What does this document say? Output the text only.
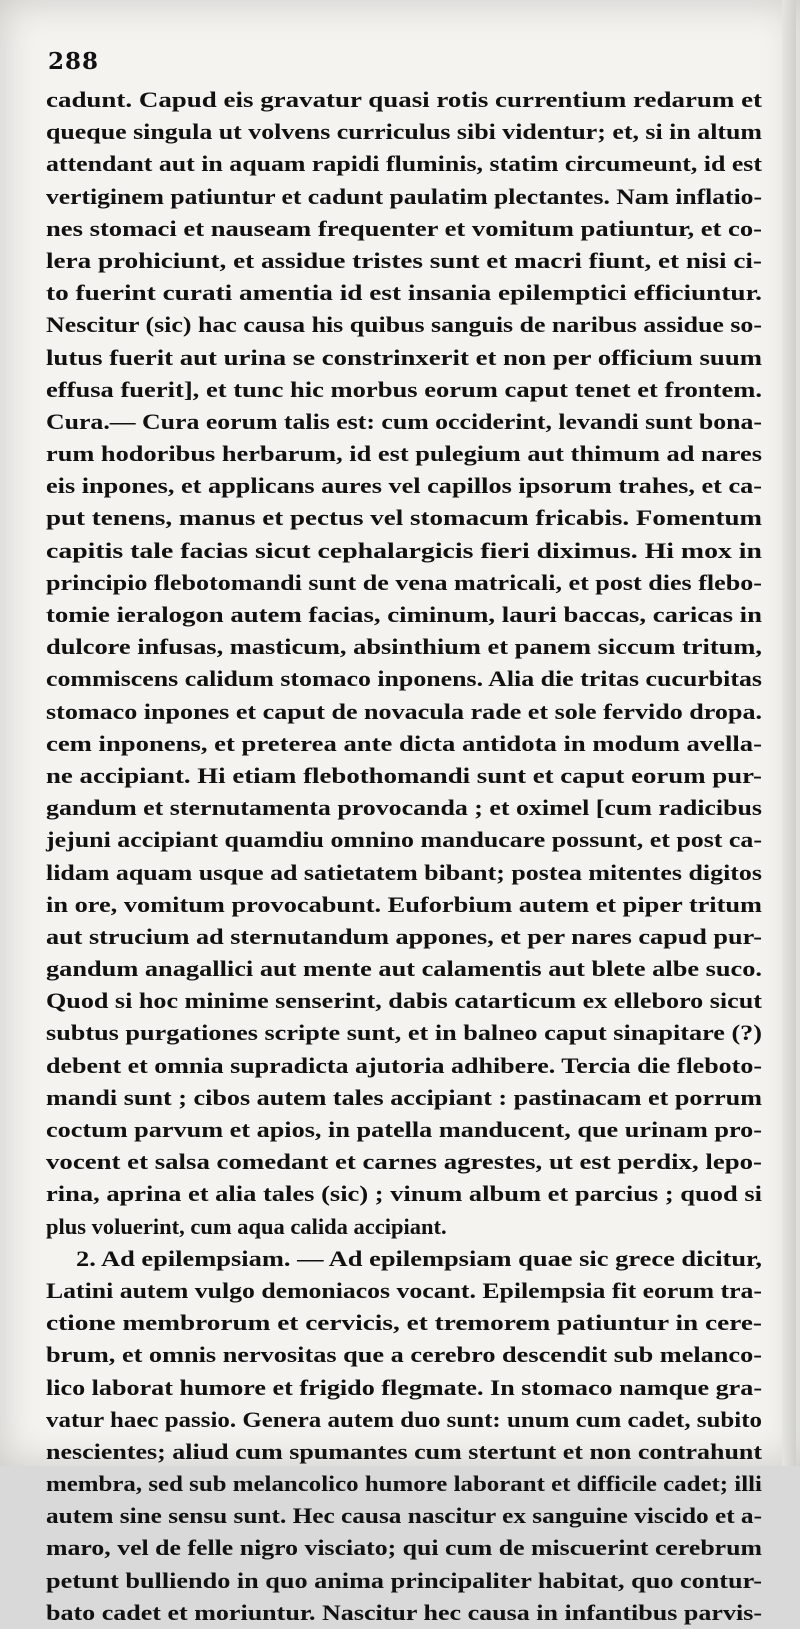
288
cadunt. Capud eis gravatur quasi rotis currentium redarum et
queque singula ut volvens curriculus sibi videntur; et, si in altum
attendant aut in aquam rapidi fluminis, statim circumeunt, id est
vertiginem patiuntur et cadunt paulatim plectantes. Nam inflatio-
nes stomaci et nauseam frequenter et vomitum patiuntur, et co-
lera prohiciunt, et assidue tristes sunt et macri fiunt, et nisi ci-
to fuerint curati amentia id est insania epilemptici efficiuntur.
Nescitur (sic) hac causa his quibus sanguis de naribus assidue so-
lutus fuerit aut urina se constrinxerit et non per officium suum
effusa fuerit], et tunc hic morbus eorum caput tenet et frontem.
Cura.— Cura eorum talis est: cum occiderint, levandi sunt bona-
rum hodoribus herbarum, id est pulegium aut thimum ad nares
eis inpones, et applicans aures vel capillos ipsorum trahes, et ca-
put tenens, manus et pectus vel stomacum fricabis. Fomentum
capitis tale facias sicut cephalargicis fieri diximus. Hi mox in
principio flebotomandi sunt de vena matricali, et post dies flebo-
tomie ieralogon autem facias, ciminum, lauri baccas, caricas in
dulcore infusas, masticum, absinthium et panem siccum tritum,
commiscens calidum stomaco inponens. Alia die tritas cucurbitas
stomaco inpones et caput de novacula rade et sole fervido dropa.
cem inponens, et preterea ante dicta antidota in modum avella-
ne accipiant. Hi etiam flebothomandi sunt et caput eorum pur-
gandum et sternutamenta provocanda ; et oximel [cum radicibus
jejuni accipiant quamdiu omnino manducare possunt, et post ca-
lidam aquam usque ad satietatem bibant; postea mitentes digitos
in ore, vomitum provocabunt. Euforbium autem et piper tritum
aut strucium ad sternutandum appones, et per nares capud pur-
gandum anagallici aut mente aut calamentis aut blete albe suco.
Quod si hoc minime senserint, dabis catarticum ex elleboro sicut
subtus purgationes scripte sunt, et in balneo caput sinapitare (?)
debent et omnia supradicta ajutoria adhibere. Tercia die fleboto-
mandi sunt ; cibos autem tales accipiant : pastinacam et porrum
coctum parvum et apios, in patella manducent, que urinam pro-
vocent et salsa comedant et carnes agrestes, ut est perdix, lepo-
rina, aprina et alia tales (sic) ; vinum album et parcius ; quod si
plus voluerint, cum aqua calida accipiant.
2. Ad epilempsiam. — Ad epilempsiam quae sic grece dicitur,
Latini autem vulgo demoniacos vocant. Epilempsia fit eorum tra-
ctione membrorum et cervicis, et tremorem patiuntur in cere-
brum, et omnis nervositas que a cerebro descendit sub melanco-
lico laborat humore et frigido flegmate. In stomaco namque gra-
vatur haec passio. Genera autem duo sunt: unum cum cadet, subito
nescientes; aliud cum spumantes cum stertunt et non contrahunt
membra, sed sub melancolico humore laborant et difficile cadet; illi
autem sine sensu sunt. Hec causa nascitur ex sanguine viscido et a-
maro, vel de felle nigro visciato; qui cum de miscuerint cerebrum
petunt bulliendo in quo anima principaliter habitat, quo contur-
bato cadet et moriuntur. Nascitur hec causa in infantibus parvis-
